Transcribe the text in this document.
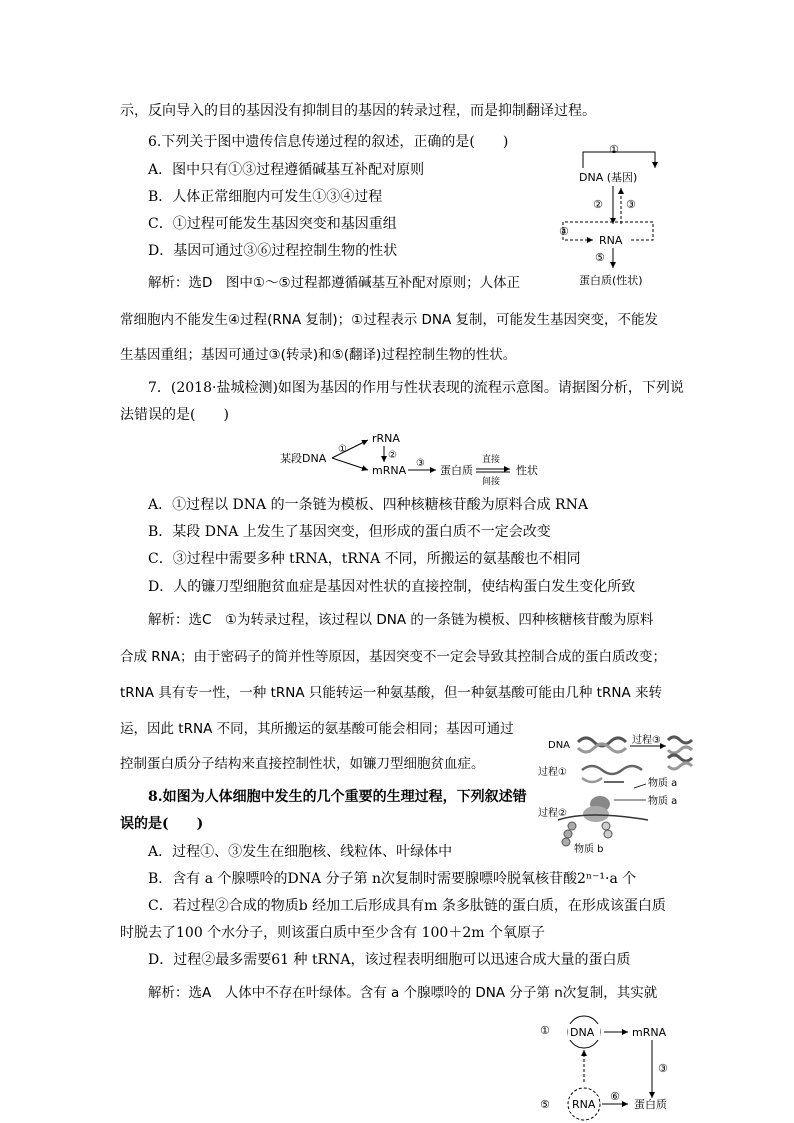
示，反向导入的目的基因没有抑制目的基因的转录过程，而是抑制翻译过程。
6.下列关于图中遗传信息传递过程的叙述，正确的是(　　)
A．图中只有①③过程遵循碱基互补配对原则
B．人体正常细胞内可发生①③④过程
C．①过程可能发生基因突变和基因重组
D．基因可通过③⑥过程控制生物的性状
解析：选D　图中①～⑤过程都遵循碱基互补配对原则；人体正
常细胞内不能发生④过程(RNA 复制)；①过程表示 DNA 复制，可能发生基因突变，不能发
生基因重组；基因可通过③(转录)和⑤(翻译)过程控制生物的性状。
①
DNA (基因)
② ③
④
RNA
⑤
蛋白质(性状)
7．(2018·盐城检测)如图为基因的作用与性状表现的流程示意图。请据图分析，下列说
法错误的是(　　)
某段DNA
①
rRNA
②
mRNA
③
蛋白质
直接
间接
性状
A．①过程以 DNA 的一条链为模板、四种核糖核苷酸为原料合成 RNA
B．某段 DNA 上发生了基因突变，但形成的蛋白质不一定会改变
C．③过程中需要多种 tRNA，tRNA 不同，所搬运的氨基酸也不相同
D．人的镰刀型细胞贫血症是基因对性状的直接控制，使结构蛋白发生变化所致
解析：选C　①为转录过程，该过程以 DNA 的一条链为模板、四种核糖核苷酸为原料
合成 RNA；由于密码子的简并性等原因，基因突变不一定会导致其控制合成的蛋白质改变；
tRNA 具有专一性，一种 tRNA 只能转运一种氨基酸，但一种氨基酸可能由几种 tRNA 来转
运，因此 tRNA 不同，其所搬运的氨基酸可能会相同；基因可通过
控制蛋白质分子结构来直接控制性状，如镰刀型细胞贫血症。
DNA	过程③
过程①
物质 a
物质 a
过程②
物质 b
8.如图为人体细胞中发生的几个重要的生理过程，下列叙述错
误的是(　　)
A．过程①、③发生在细胞核、线粒体、叶绿体中
B．含有 a 个腺嘌呤的DNA 分子第 n次复制时需要腺嘌呤脱氧核苷酸2ⁿ⁻¹·a 个
C．若过程②合成的物质b 经加工后形成具有m 条多肽链的蛋白质，在形成该蛋白质
时脱去了100 个水分子，则该蛋白质中至少含有 100＋2m 个氧原子
D．过程②最多需要61 种 tRNA，该过程表明细胞可以迅速合成大量的蛋白质
解析：选A　人体中不存在叶绿体。含有 a 个腺嘌呤的 DNA 分子第 n次复制，其实就
① DNA	mRNA
③
⑤ RNA
⑥
蛋白质
